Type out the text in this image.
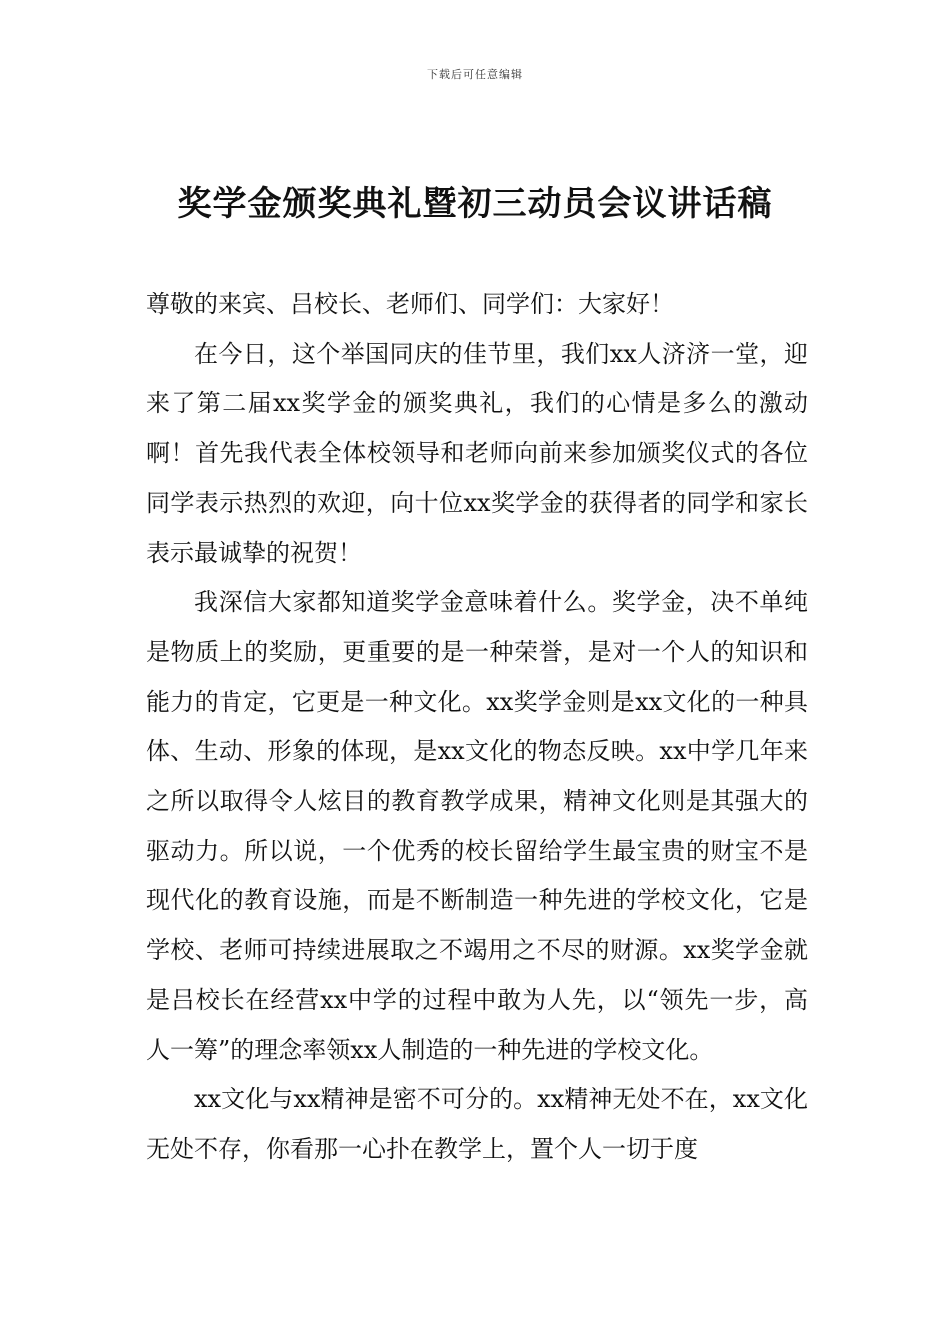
下载后可任意编辑
奖学金颁奖典礼暨初三动员会议讲话稿

尊敬的来宾、吕校长、老师们、同学们：大家好！

在今日，这个举国同庆的佳节里，我们xx人济济一堂，迎来了第二届xx奖学金的颁奖典礼，我们的心情是多么的激动啊！首先我代表全体校领导和老师向前来参加颁奖仪式的各位同学表示热烈的欢迎，向十位xx奖学金的获得者的同学和家长表示最诚挚的祝贺！

我深信大家都知道奖学金意味着什么。奖学金，决不单纯是物质上的奖励，更重要的是一种荣誉，是对一个人的知识和能力的肯定，它更是一种文化。xx奖学金则是xx文化的一种具体、生动、形象的体现，是xx文化的物态反映。xx中学几年来之所以取得令人炫目的教育教学成果，精神文化则是其强大的驱动力。所以说，一个优秀的校长留给学生最宝贵的财宝不是现代化的教育设施，而是不断制造一种先进的学校文化，它是学校、老师可持续进展取之不竭用之不尽的财源。xx奖学金就是吕校长在经营xx中学的过程中敢为人先，以“领先一步，高人一筹”的理念率领xx人制造的一种先进的学校文化。

xx文化与xx精神是密不可分的。xx精神无处不在，xx文化无处不存，你看那一心扑在教学上，置个人一切于度
